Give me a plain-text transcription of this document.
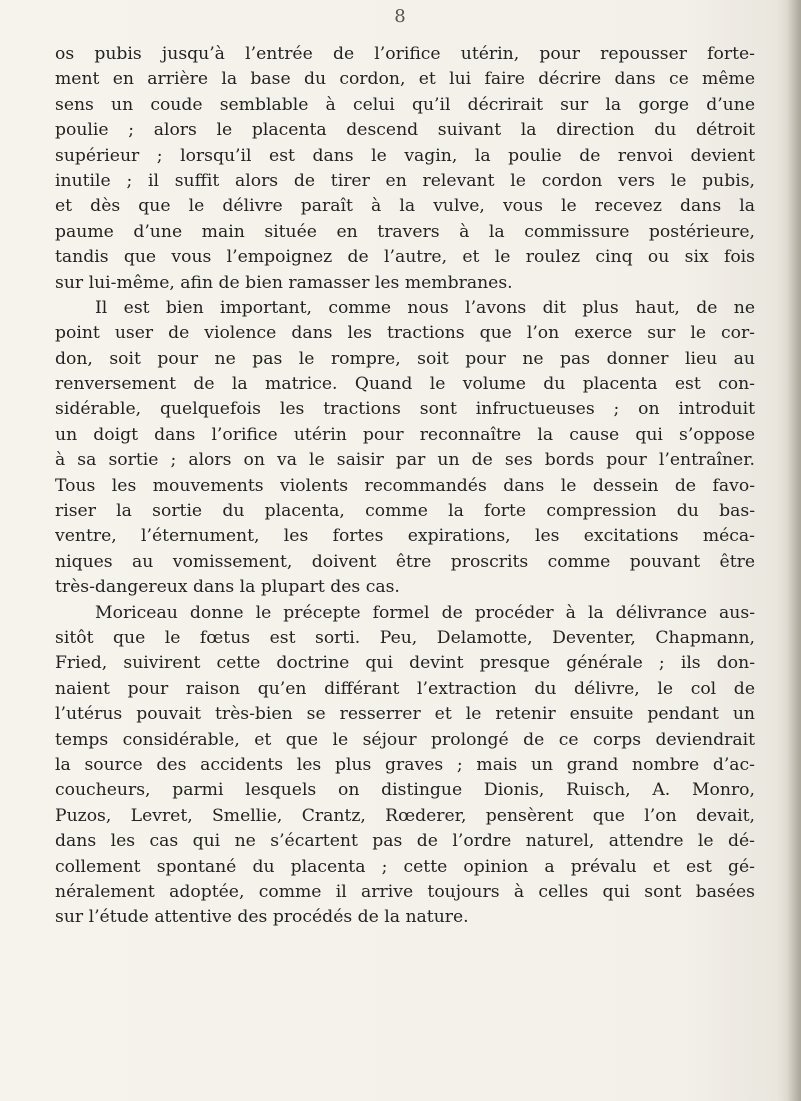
8
os pubis jusqu’à l’entrée de l’orifice utérin, pour repousser forte-
ment en arrière la base du cordon, et lui faire décrire dans ce même
sens un coude semblable à celui qu’il décrirait sur la gorge d’une
poulie ; alors le placenta descend suivant la direction du détroit
supérieur ; lorsqu’il est dans le vagin, la poulie de renvoi devient
inutile ; il suffit alors de tirer en relevant le cordon vers le pubis,
et dès que le délivre paraît à la vulve, vous le recevez dans la
paume d’une main située en travers à la commissure postérieure,
tandis que vous l’empoignez de l’autre, et le roulez cinq ou six fois
sur lui-même, afin de bien ramasser les membranes.
Il est bien important, comme nous l’avons dit plus haut, de ne
point user de violence dans les tractions que l’on exerce sur le cor-
don, soit pour ne pas le rompre, soit pour ne pas donner lieu au
renversement de la matrice. Quand le volume du placenta est con-
sidérable, quelquefois les tractions sont infructueuses ; on introduit
un doigt dans l’orifice utérin pour reconnaître la cause qui s’oppose
à sa sortie ; alors on va le saisir par un de ses bords pour l’entraîner.
Tous les mouvements violents recommandés dans le dessein de favo-
riser la sortie du placenta, comme la forte compression du bas-
ventre, l’éternument, les fortes expirations, les excitations méca-
niques au vomissement, doivent être proscrits comme pouvant être
très-dangereux dans la plupart des cas.
Moriceau donne le précepte formel de procéder à la délivrance aus-
sitôt que le fœtus est sorti. Peu, Delamotte, Deventer, Chapmann,
Fried, suivirent cette doctrine qui devint presque générale ; ils don-
naient pour raison qu’en différant l’extraction du délivre, le col de
l’utérus pouvait très-bien se resserrer et le retenir ensuite pendant un
temps considérable, et que le séjour prolongé de ce corps deviendrait
la source des accidents les plus graves ; mais un grand nombre d’ac-
coucheurs, parmi lesquels on distingue Dionis, Ruisch, A. Monro,
Puzos, Levret, Smellie, Crantz, Rœderer, pensèrent que l’on devait,
dans les cas qui ne s’écartent pas de l’ordre naturel, attendre le dé-
collement spontané du placenta ; cette opinion a prévalu et est gé-
néralement adoptée, comme il arrive toujours à celles qui sont basées
sur l’étude attentive des procédés de la nature.
